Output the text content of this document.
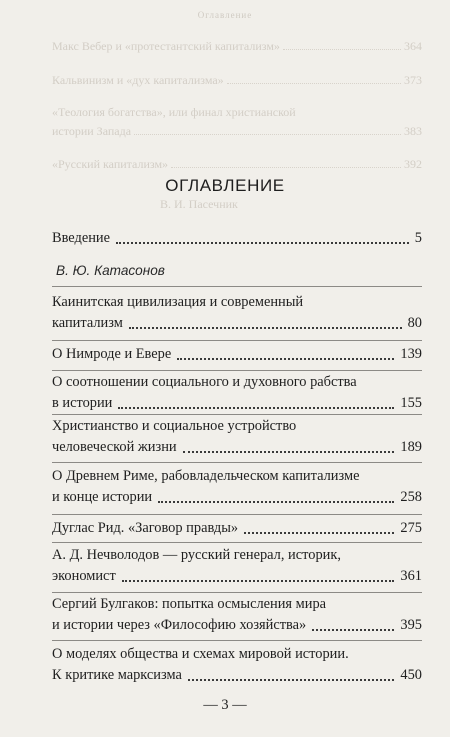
Оглавление
Макс Вебер и «протестантский капитализм»	364
Кальвинизм и «дух капитализма»	373
«Теология богатства», или финал христианской
истории Запада	383
«Русский капитализм»	392
В. И. Пасечник
ОГЛАВЛЕНИЕ
Введение	5
В. Ю. Катасонов
Каинитская цивилизация и современный
капитализм	80
О Нимроде и Евере	139
О соотношении социального и духовного рабства
в истории	155
Христианство и социальное устройство
человеческой жизни	189
О Древнем Риме, рабовладельческом капитализме
и конце истории	258
Дуглас Рид. «Заговор правды»	275
А. Д. Нечволодов — русский генерал, историк,
экономист	361
Сергий Булгаков: попытка осмысления мира
и истории через «Философию хозяйства»	395
О моделях общества и схемах мировой истории.
К критике марксизма	450
— 3 —
